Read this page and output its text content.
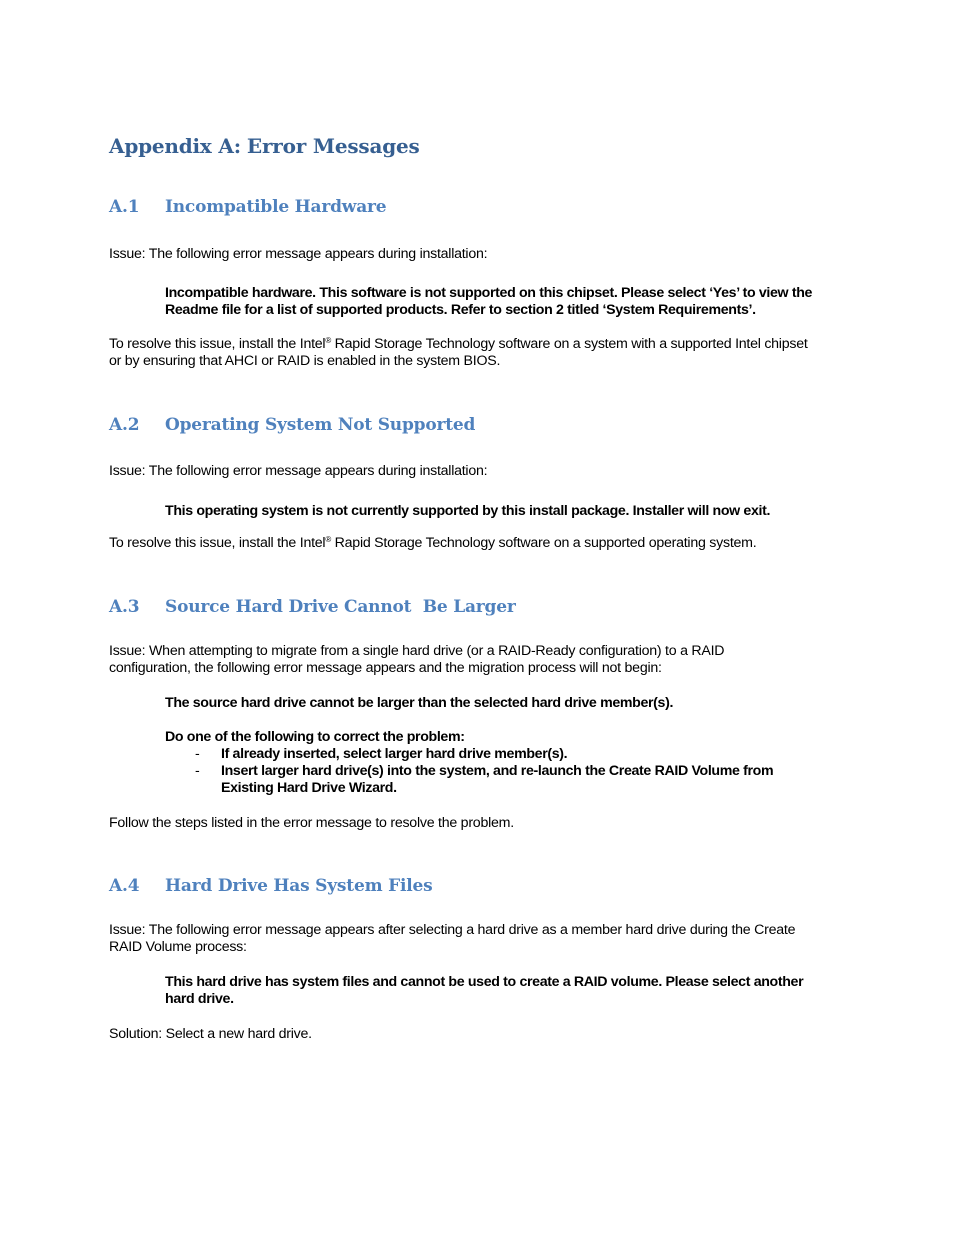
Appendix A: Error Messages
A.1 Incompatible Hardware
Issue: The following error message appears during installation:
Incompatible hardware. This software is not supported on this chipset. Please select ‘Yes’ to view the Readme file for a list of supported products. Refer to section 2 titled ‘System Requirements’.
To resolve this issue, install the Intel® Rapid Storage Technology software on a system with a supported Intel chipset or by ensuring that AHCI or RAID is enabled in the system BIOS.
A.2 Operating System Not Supported
Issue: The following error message appears during installation:
This operating system is not currently supported by this install package. Installer will now exit.
To resolve this issue, install the Intel® Rapid Storage Technology software on a supported operating system.
A.3 Source Hard Drive Cannot  Be Larger
Issue: When attempting to migrate from a single hard drive (or a RAID-Ready configuration) to a RAID configuration, the following error message appears and the migration process will not begin:
The source hard drive cannot be larger than the selected hard drive member(s).
Do one of the following to correct the problem:
- If already inserted, select larger hard drive member(s).
- Insert larger hard drive(s) into the system, and re-launch the Create RAID Volume from Existing Hard Drive Wizard.
Follow the steps listed in the error message to resolve the problem.
A.4 Hard Drive Has System Files
Issue: The following error message appears after selecting a hard drive as a member hard drive during the Create RAID Volume process:
This hard drive has system files and cannot be used to create a RAID volume. Please select another hard drive.
Solution: Select a new hard drive.
